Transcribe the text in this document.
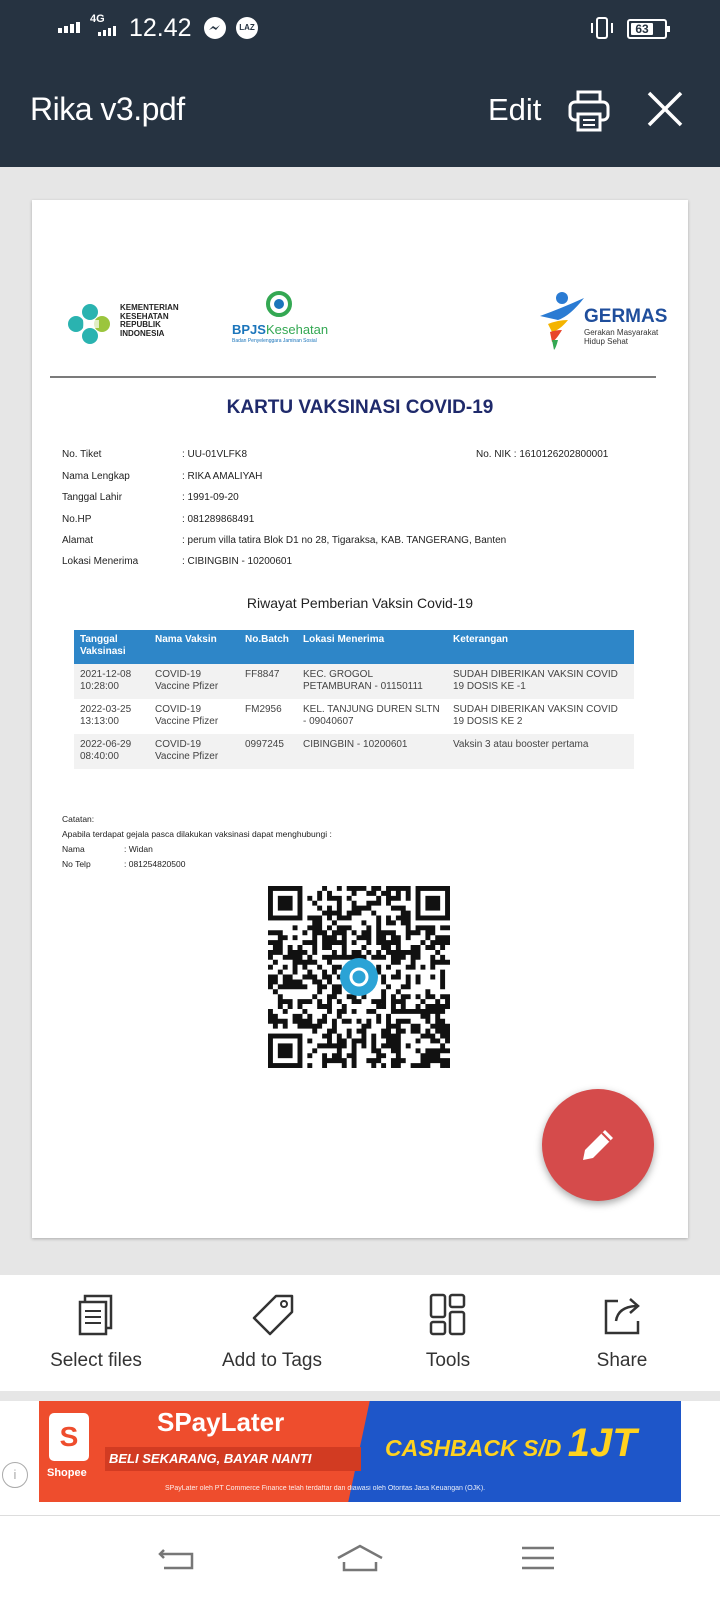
4G 12.42	LAZ	63
Rika v3.pdf	Edit
KEMENTERIAN KESEHATAN REPUBLIK INDONESIA	BPJSKesehatan
Badan Penyelenggara Jaminan Sosial
GERMAS
Gerakan Masyarakat Hidup Sehat
KARTU VAKSINASI COVID-19
No. Tiket	: UU-01VLFK8	No. NIK : 1610126202800001
Nama Lengkap	: RIKA AMALIYAH
Tanggal Lahir	: 1991-09-20
No.HP	: 081289868491
Alamat	: perum villa tatira Blok D1 no 28, Tigaraksa, KAB. TANGERANG, Banten
Lokasi Menerima	: CIBINGBIN - 10200601
Riwayat Pemberian Vaksin Covid-19
Tanggal Vaksinasi	Nama Vaksin	No.Batch	Lokasi Menerima	Keterangan
2021-12-08 10:28:00	COVID-19 Vaccine Pfizer	FF8847	KEC. GROGOL PETAMBURAN - 01150111	SUDAH DIBERIKAN VAKSIN COVID 19 DOSIS KE -1
2022-03-25 13:13:00	COVID-19 Vaccine Pfizer	FM2956	KEL. TANJUNG DUREN SLTN - 09040607	SUDAH DIBERIKAN VAKSIN COVID 19 DOSIS KE 2
2022-06-29 08:40:00	COVID-19 Vaccine Pfizer	0997245	CIBINGBIN - 10200601	Vaksin 3 atau booster pertama
Catatan:
Apabila terdapat gejala pasca dilakukan vaksinasi dapat menghubungi :
Nama	: Widan
No Telp	: 081254820500
Select files	Add to Tags	Tools	Share
S
Shopee
SPayLater
BELI SEKARANG, BAYAR NANTI	CASHBACK S/D 1JT
SPayLater oleh PT Commerce Finance telah terdaftar dan diawasi oleh Otoritas Jasa Keuangan (OJK).
i
